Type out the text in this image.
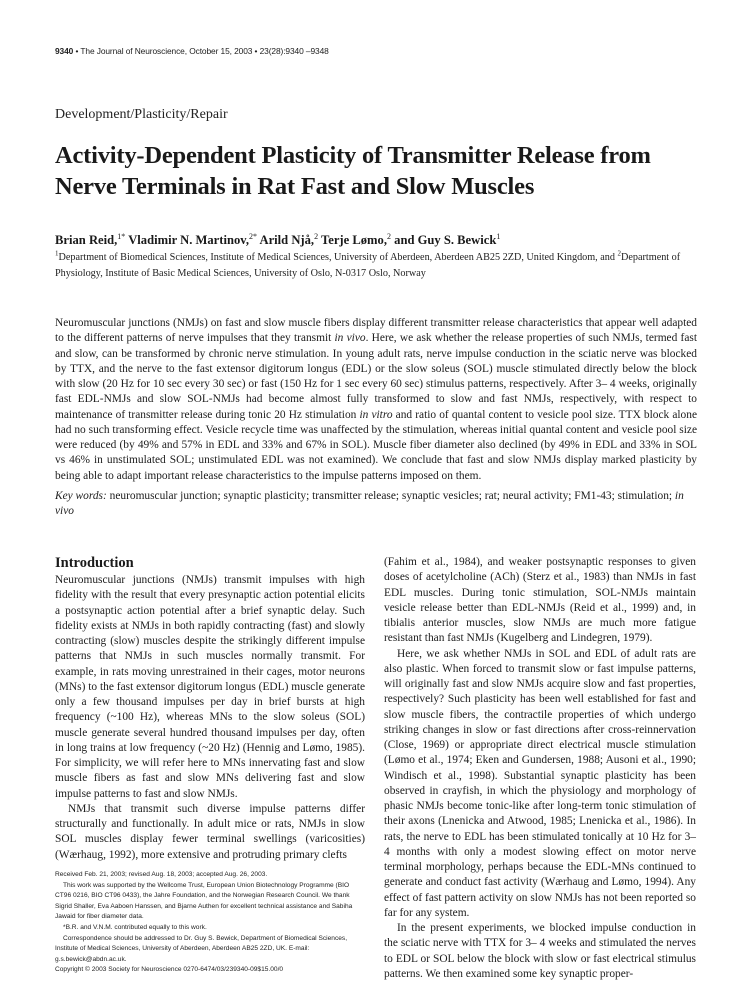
9340 • The Journal of Neuroscience, October 15, 2003 • 23(28):9340 –9348
Development/Plasticity/Repair
Activity-Dependent Plasticity of Transmitter Release from Nerve Terminals in Rat Fast and Slow Muscles
Brian Reid,$^{1*}$ Vladimir N. Martinov,$^{2*}$ Arild Njå,$^2$ Terje Lømo,$^2$ and Guy S. Bewick$^1$
$^1$Department of Biomedical Sciences, Institute of Medical Sciences, University of Aberdeen, Aberdeen AB25 2ZD, United Kingdom, and $^2$Department of Physiology, Institute of Basic Medical Sciences, University of Oslo, N-0317 Oslo, Norway
Neuromuscular junctions (NMJs) on fast and slow muscle fibers display different transmitter release characteristics that appear well adapted to the different patterns of nerve impulses that they transmit in vivo. Here, we ask whether the release properties of such NMJs, termed fast and slow, can be transformed by chronic nerve stimulation. In young adult rats, nerve impulse conduction in the sciatic nerve was blocked by TTX, and the nerve to the fast extensor digitorum longus (EDL) or the slow soleus (SOL) muscle stimulated directly below the block with slow (20 Hz for 10 sec every 30 sec) or fast (150 Hz for 1 sec every 60 sec) stimulus patterns, respectively. After 3– 4 weeks, originally fast EDL-NMJs and slow SOL-NMJs had become almost fully transformed to slow and fast NMJs, respectively, with respect to maintenance of transmitter release during tonic 20 Hz stimulation in vitro and ratio of quantal content to vesicle pool size. TTX block alone had no such transforming effect. Vesicle recycle time was unaffected by the stimulation, whereas initial quantal content and vesicle pool size were reduced (by 49% and 57% in EDL and 33% and 67% in SOL). Muscle fiber diameter also declined (by 49% in EDL and 33% in SOL vs 46% in unstimulated SOL; unstimulated EDL was not examined). We conclude that fast and slow NMJs display marked plasticity by being able to adapt important release characteristics to the impulse patterns imposed on them.
Key words: neuromuscular junction; synaptic plasticity; transmitter release; synaptic vesicles; rat; neural activity; FM1-43; stimulation; in vivo
Introduction

Neuromuscular junctions (NMJs) transmit impulses with high fidelity with the result that every presynaptic action potential elicits a postsynaptic action potential after a brief synaptic delay. Such fidelity exists at NMJs in both rapidly contracting (fast) and slowly contracting (slow) muscles despite the strikingly different impulse patterns that NMJs in such muscles normally transmit. For example, in rats moving unrestrained in their cages, motor neurons (MNs) to the fast extensor digitorum longus (EDL) muscle generate only a few thousand impulses per day in brief bursts at high frequency (~100 Hz), whereas MNs to the slow soleus (SOL) muscle generate several hundred thousand impulses per day, often in long trains at low frequency (~20 Hz) (Hennig and Lømo, 1985). For simplicity, we will refer here to MNs innervating fast and slow muscle fibers as fast and slow MNs delivering fast and slow impulse patterns to fast and slow NMJs.

NMJs that transmit such diverse impulse patterns differ structurally and functionally. In adult mice or rats, NMJs in slow SOL muscles display fewer terminal swellings (varicosities) (Wærhaug, 1992), more extensive and protruding primary clefts

(Fahim et al., 1984), and weaker postsynaptic responses to given doses of acetylcholine (ACh) (Sterz et al., 1983) than NMJs in fast EDL muscles. During tonic stimulation, SOL-NMJs maintain vesicle release better than EDL-NMJs (Reid et al., 1999) and, in tibialis anterior muscles, slow NMJs are much more fatigue resistant than fast NMJs (Kugelberg and Lindegren, 1979).

Here, we ask whether NMJs in SOL and EDL of adult rats are also plastic. When forced to transmit slow or fast impulse patterns, will originally fast and slow NMJs acquire slow and fast properties, respectively? Such plasticity has been well established for fast and slow muscle fibers, the contractile properties of which undergo striking changes in slow or fast directions after cross-reinnervation (Close, 1969) or appropriate direct electrical muscle stimulation (Lømo et al., 1974; Eken and Gundersen, 1988; Ausoni et al., 1990; Windisch et al., 1998). Substantial synaptic plasticity has been observed in crayfish, in which the physiology and morphology of phasic NMJs become tonic-like after long-term tonic stimulation of their axons (Lnenicka and Atwood, 1985; Lnenicka et al., 1986). In rats, the nerve to EDL has been stimulated tonically at 10 Hz for 3–4 months with only a modest slowing effect on motor nerve terminal morphology, perhaps because the EDL-MNs continued to generate and conduct fast activity (Wærhaug and Lømo, 1994). Any effect of fast pattern activity on slow NMJs has not been reported so far for any system.

In the present experiments, we blocked impulse conduction in the sciatic nerve with TTX for 3– 4 weeks and stimulated the nerves to EDL or SOL below the block with slow or fast electrical stimulus patterns. We then examined some key synaptic proper-

Received Feb. 21, 2003; revised Aug. 18, 2003; accepted Aug. 26, 2003.

This work was supported by the Wellcome Trust, European Union Biotechnology Programme (BIO CT96 0216, BIO CT96 0433), the Jahre Foundation, and the Norwegian Research Council. We thank Sigrid Shaller, Eva Aaboen Hanssen, and Bjarne Authen for excellent technical assistance and Sabiha Jawaid for fiber diameter data.

*B.R. and V.N.M. contributed equally to this work.

Correspondence should be addressed to Dr. Guy S. Bewick, Department of Biomedical Sciences, Institute of Medical Sciences, University of Aberdeen, Aberdeen AB25 2ZD, UK. E-mail: g.s.bewick@abdn.ac.uk.

Copyright © 2003 Society for Neuroscience 0270-6474/03/239340-09$15.00/0
